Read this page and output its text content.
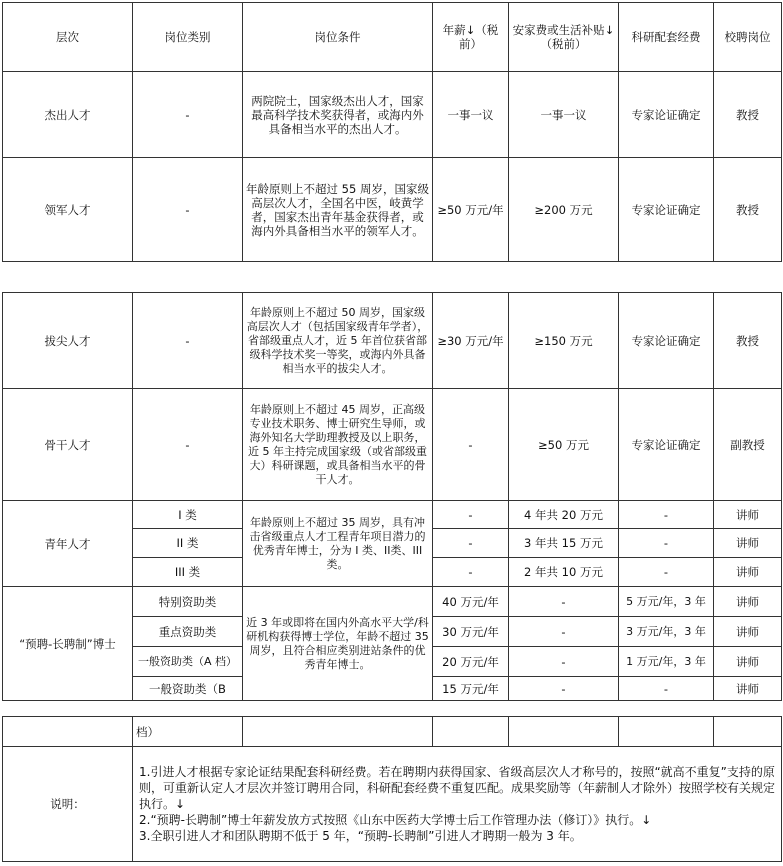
层次	岗位类别	岗位条件	年薪↓（税前）	安家费或生活补贴↓（税前）	科研配套经费	校聘岗位
杰出人才	-	两院院士，国家级杰出人才，国家最高科学技术奖获得者，或海内外具备相当水平的杰出人才。	一事一议	一事一议	专家论证确定	教授
领军人才	-	年龄原则上不超过 55 周岁，国家级高层次人才，全国名中医，岐黄学者，国家杰出青年基金获得者，或海内外具备相当水平的领军人才。	≥50 万元/年	≥200 万元	专家论证确定	教授
拔尖人才	-	年龄原则上不超过 50 周岁，国家级高层次人才（包括国家级青年学者），省部级重点人才，近 5 年首位获省部级科学技术奖一等奖，或海内外具备相当水平的拔尖人才。	≥30 万元/年	≥150 万元	专家论证确定	教授
骨干人才	-	年龄原则上不超过 45 周岁，正高级专业技术职务、博士研究生导师，或海外知名大学助理教授及以上职务，近 5 年主持完成国家级（或省部级重大）科研课题，或具备相当水平的骨干人才。	-	≥50 万元	专家论证确定	副教授
青年人才	I 类	年龄原则上不超过 35 周岁，具有冲击省级重点人才工程青年项目潜力的优秀青年博士，分为 I 类、II类、III 类。	-	4 年共 20 万元	-	讲师
	II 类		-	3 年共 15 万元	-	讲师
	III 类		-	2 年共 10 万元	-	讲师
“预聘-长聘制”博士	特别资助类	近 3 年或即将在国内外高水平大学/科研机构获得博士学位，年龄不超过 35 周岁，且符合相应类别进站条件的优秀青年博士。	40 万元/年	-	5 万元/年，3 年	讲师
	重点资助类		30 万元/年	-	3 万元/年，3 年	讲师
	一般资助类（A 档）		20 万元/年	-	1 万元/年，3 年	讲师
	一般资助类（B		15 万元/年	-	-	讲师
	档）					
说明：	1.引进人才根据专家论证结果配套科研经费。若在聘期内获得国家、省级高层次人才称号的，按照“就高不重复”支持的原则，可重新认定人才层次并签订聘用合同，科研配套经费不重复匹配。成果奖励等（年薪制人才除外）按照学校有关规定执行。↓
2.“预聘-长聘制”博士年薪发放方式按照《山东中医药大学博士后工作管理办法（修订）》执行。↓
3.全职引进人才和团队聘期不低于 5 年，“预聘-长聘制”引进人才聘期一般为 3 年。					
